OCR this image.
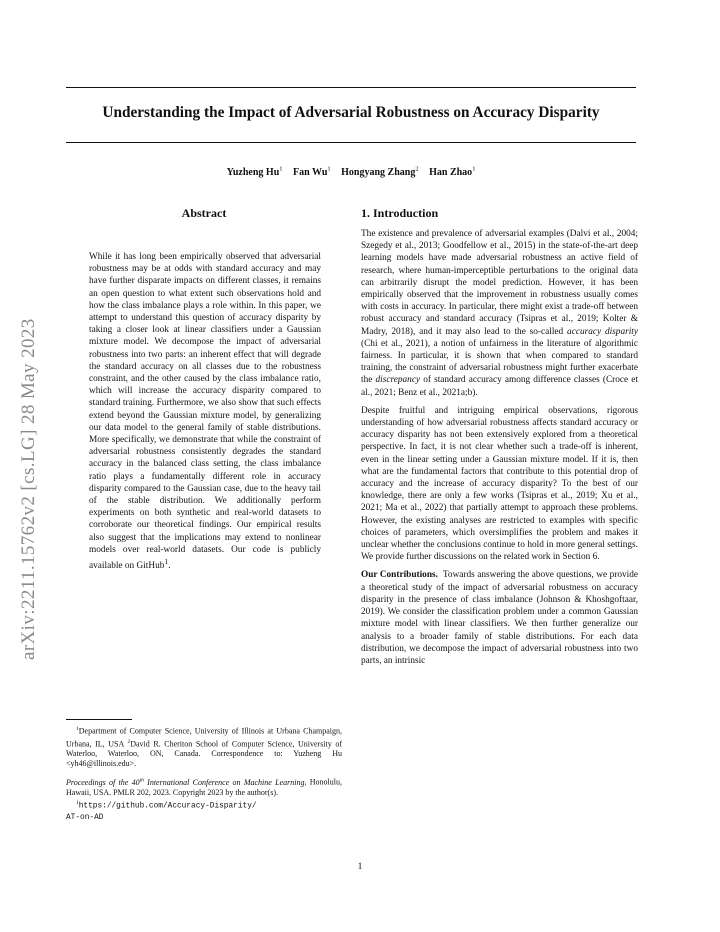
arXiv:2211.15762v2 [cs.LG] 28 May 2023
Understanding the Impact of Adversarial Robustness on Accuracy Disparity
Yuzheng Hu$^1$ Fan Wu$^1$ Hongyang Zhang$^2$ Han Zhao$^1$
Abstract
While it has long been empirically observed that adversarial robustness may be at odds with standard accuracy and may have further disparate impacts on different classes, it remains an open question to what extent such observations hold and how the class imbalance plays a role within. In this paper, we attempt to understand this question of accuracy disparity by taking a closer look at linear classifiers under a Gaussian mixture model. We decompose the impact of adversarial robustness into two parts: an inherent effect that will degrade the standard accuracy on all classes due to the robustness constraint, and the other caused by the class imbalance ratio, which will increase the accuracy disparity compared to standard training. Furthermore, we also show that such effects extend beyond the Gaussian mixture model, by generalizing our data model to the general family of stable distributions. More specifically, we demonstrate that while the constraint of adversarial robustness consistently degrades the standard accuracy in the balanced class setting, the class imbalance ratio plays a fundamentally different role in accuracy disparity compared to the Gaussian case, due to the heavy tail of the stable distribution. We additionally perform experiments on both synthetic and real-world datasets to corroborate our theoretical findings. Our empirical results also suggest that the implications may extend to nonlinear models over real-world datasets. Our code is publicly available on GitHub$^1$.

$^1$Department of Computer Science, University of Illinois at Urbana Champaign, Urbana, IL, USA $^2$David R. Cheriton School of Computer Science, University of Waterloo, Waterloo, ON, Canada. Correspondence to: Yuzheng Hu <yh46@illinois.edu>.

Proceedings of the 40th International Conference on Machine Learning, Honolulu, Hawaii, USA. PMLR 202, 2023. Copyright 2023 by the author(s).

$^1$https://github.com/Accuracy-Disparity/

AT-on-AD

1. Introduction

The existence and prevalence of adversarial examples (Dalvi et al., 2004; Szegedy et al., 2013; Goodfellow et al., 2015) in the state-of-the-art deep learning models have made adversarial robustness an active field of research, where human-imperceptible perturbations to the original data can arbitrarily disrupt the model prediction. However, it has been empirically observed that the improvement in robustness usually comes with costs in accuracy. In particular, there might exist a trade-off between robust accuracy and standard accuracy (Tsipras et al., 2019; Kolter & Madry, 2018), and it may also lead to the so-called accuracy disparity (Chi et al., 2021), a notion of unfairness in the literature of algorithmic fairness. In particular, it is shown that when compared to standard training, the constraint of adversarial robustness might further exacerbate the discrepancy of standard accuracy among difference classes (Croce et al., 2021; Benz et al., 2021a;b).

Despite fruitful and intriguing empirical observations, rigorous understanding of how adversarial robustness affects standard accuracy or accuracy disparity has not been extensively explored from a theoretical perspective. In fact, it is not clear whether such a trade-off is inherent, even in the linear setting under a Gaussian mixture model. If it is, then what are the fundamental factors that contribute to this potential drop of accuracy and the increase of accuracy disparity? To the best of our knowledge, there are only a few works (Tsipras et al., 2019; Xu et al., 2021; Ma et al., 2022) that partially attempt to approach these problems. However, the existing analyses are restricted to examples with specific choices of parameters, which oversimplifies the problem and makes it unclear whether the conclusions continue to hold in more general settings. We provide further discussions on the related work in Section 6.

Our Contributions. Towards answering the above questions, we provide a theoretical study of the impact of adversarial robustness on accuracy disparity in the presence of class imbalance (Johnson & Khoshgoftaar, 2019). We consider the classification problem under a common Gaussian mixture model with linear classifiers. We then further generalize our analysis to a broader family of stable distributions. For each data distribution, we decompose the impact of adversarial robustness into two parts, an intrinsic

1
